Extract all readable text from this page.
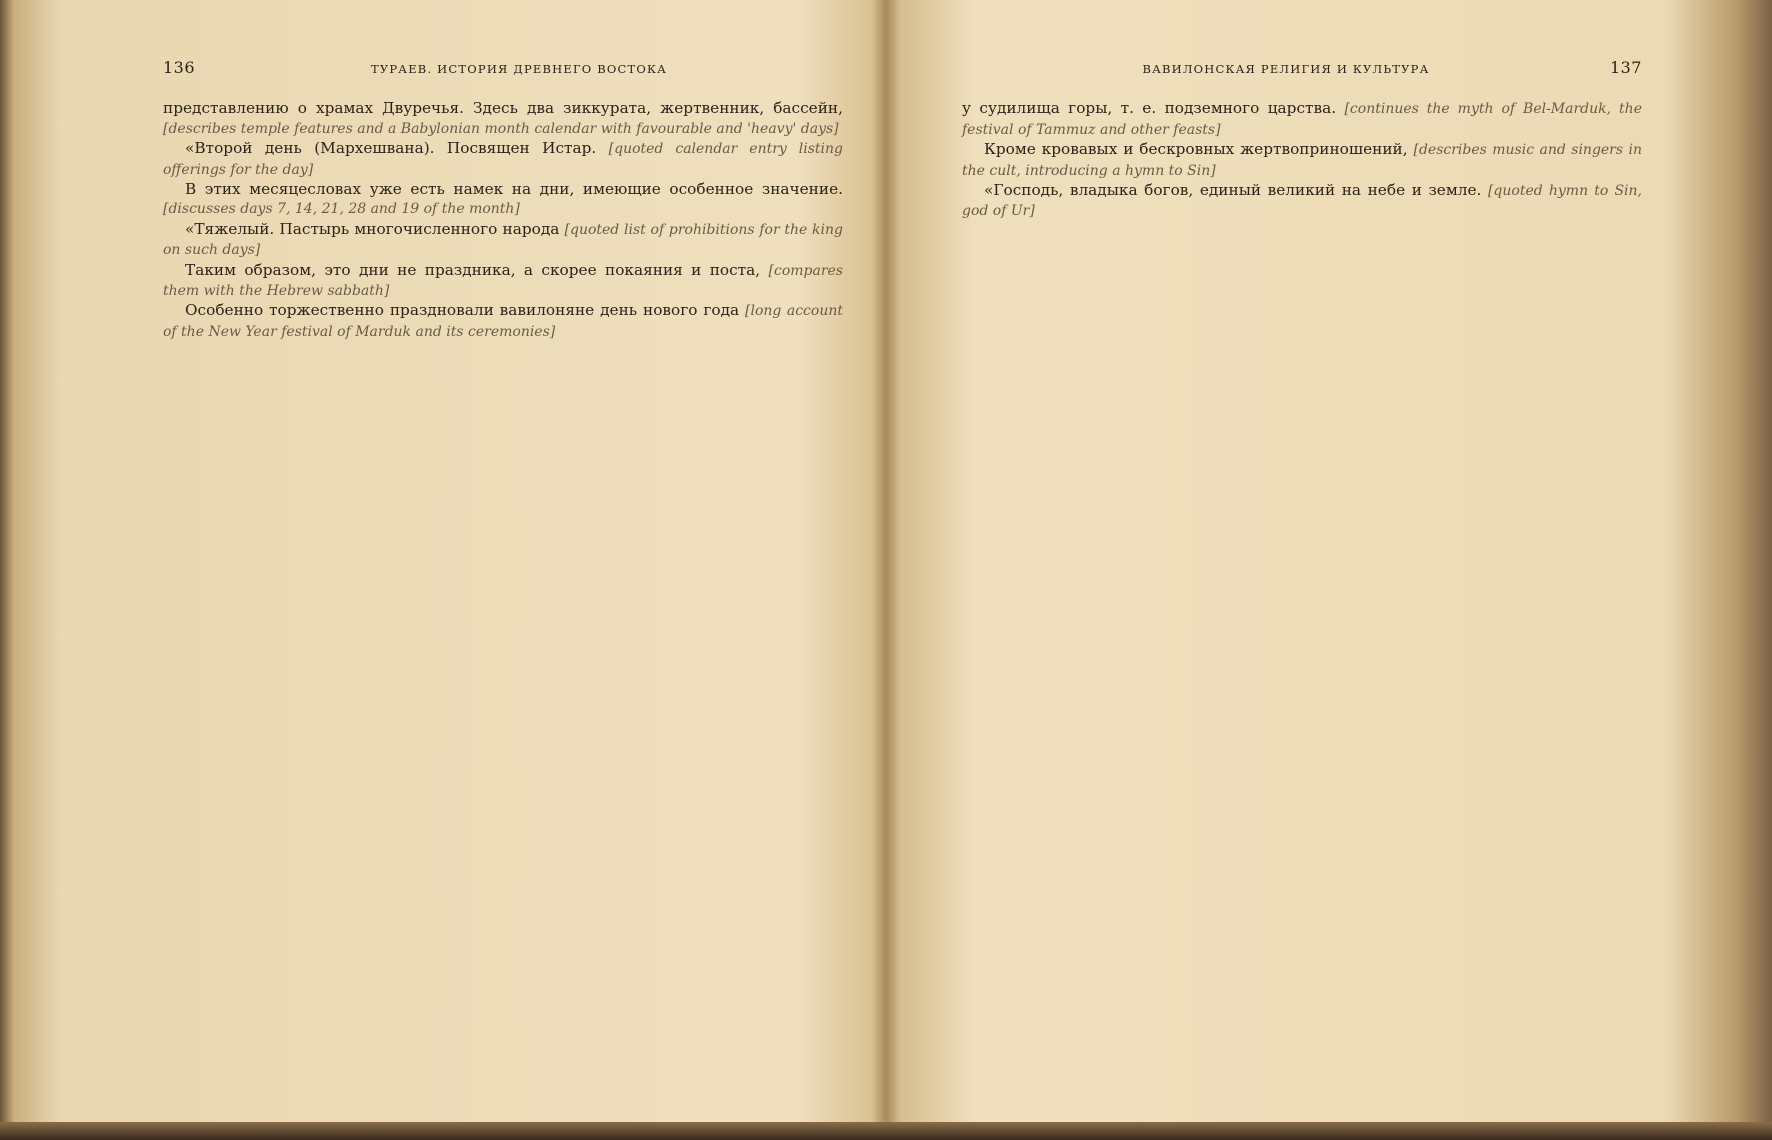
136	ТУРАЕВ. ИСТОРИЯ ДРЕВНЕГО ВОСТОКА

представлению о храмах Двуречья. Здесь два зиккурата, жертвенник, бассейн, [describes temple features and a Babylonian month calendar with favourable and 'heavy' days]

«Второй день (Мархешвана). Посвящен Истар. [quoted calendar entry listing offerings for the day]

В этих месяцесловах уже есть намек на дни, имеющие особенное значение. [discusses days 7, 14, 21, 28 and 19 of the month]

«Тяжелый. Пастырь многочисленного народа [quoted list of prohibitions for the king on such days]

Таким образом, это дни не праздника, а скорее покаяния и поста, [compares them with the Hebrew sabbath]

Особенно торжественно праздновали вавилоняне день нового года [long account of the New Year festival of Marduk and its ceremonies]

ВАВИЛОНСКАЯ РЕЛИГИЯ И КУЛЬТУРА	137

у судилища горы, т. е. подземного царства. [continues the myth of Bel-Marduk, the festival of Tammuz and other feasts]

Кроме кровавых и бескровных жертвоприношений, [describes music and singers in the cult, introducing a hymn to Sin]

«Господь, владыка богов, единый великий на небе и земле. [quoted hymn to Sin, god of Ur]
